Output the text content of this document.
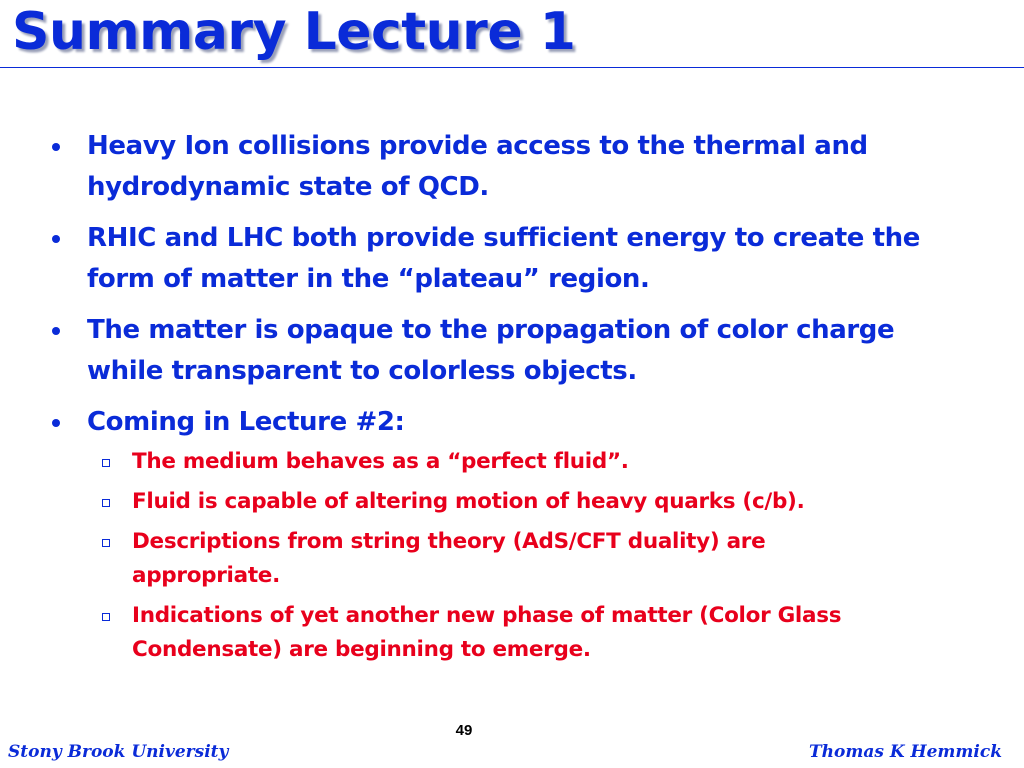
Summary Lecture 1
Heavy Ion collisions provide access to the thermal and hydrodynamic state of QCD.
RHIC and LHC both provide sufficient energy to create the form of matter in the “plateau” region.
The matter is opaque to the propagation of color charge while transparent to colorless objects.
Coming in Lecture #2:
The medium behaves as a “perfect fluid”.
Fluid is capable of altering motion of heavy quarks (c/b).
Descriptions from string theory (AdS/CFT duality) are appropriate.
Indications of yet another new phase of matter (Color Glass Condensate) are beginning to emerge.
49
Stony Brook University	Thomas K Hemmick
